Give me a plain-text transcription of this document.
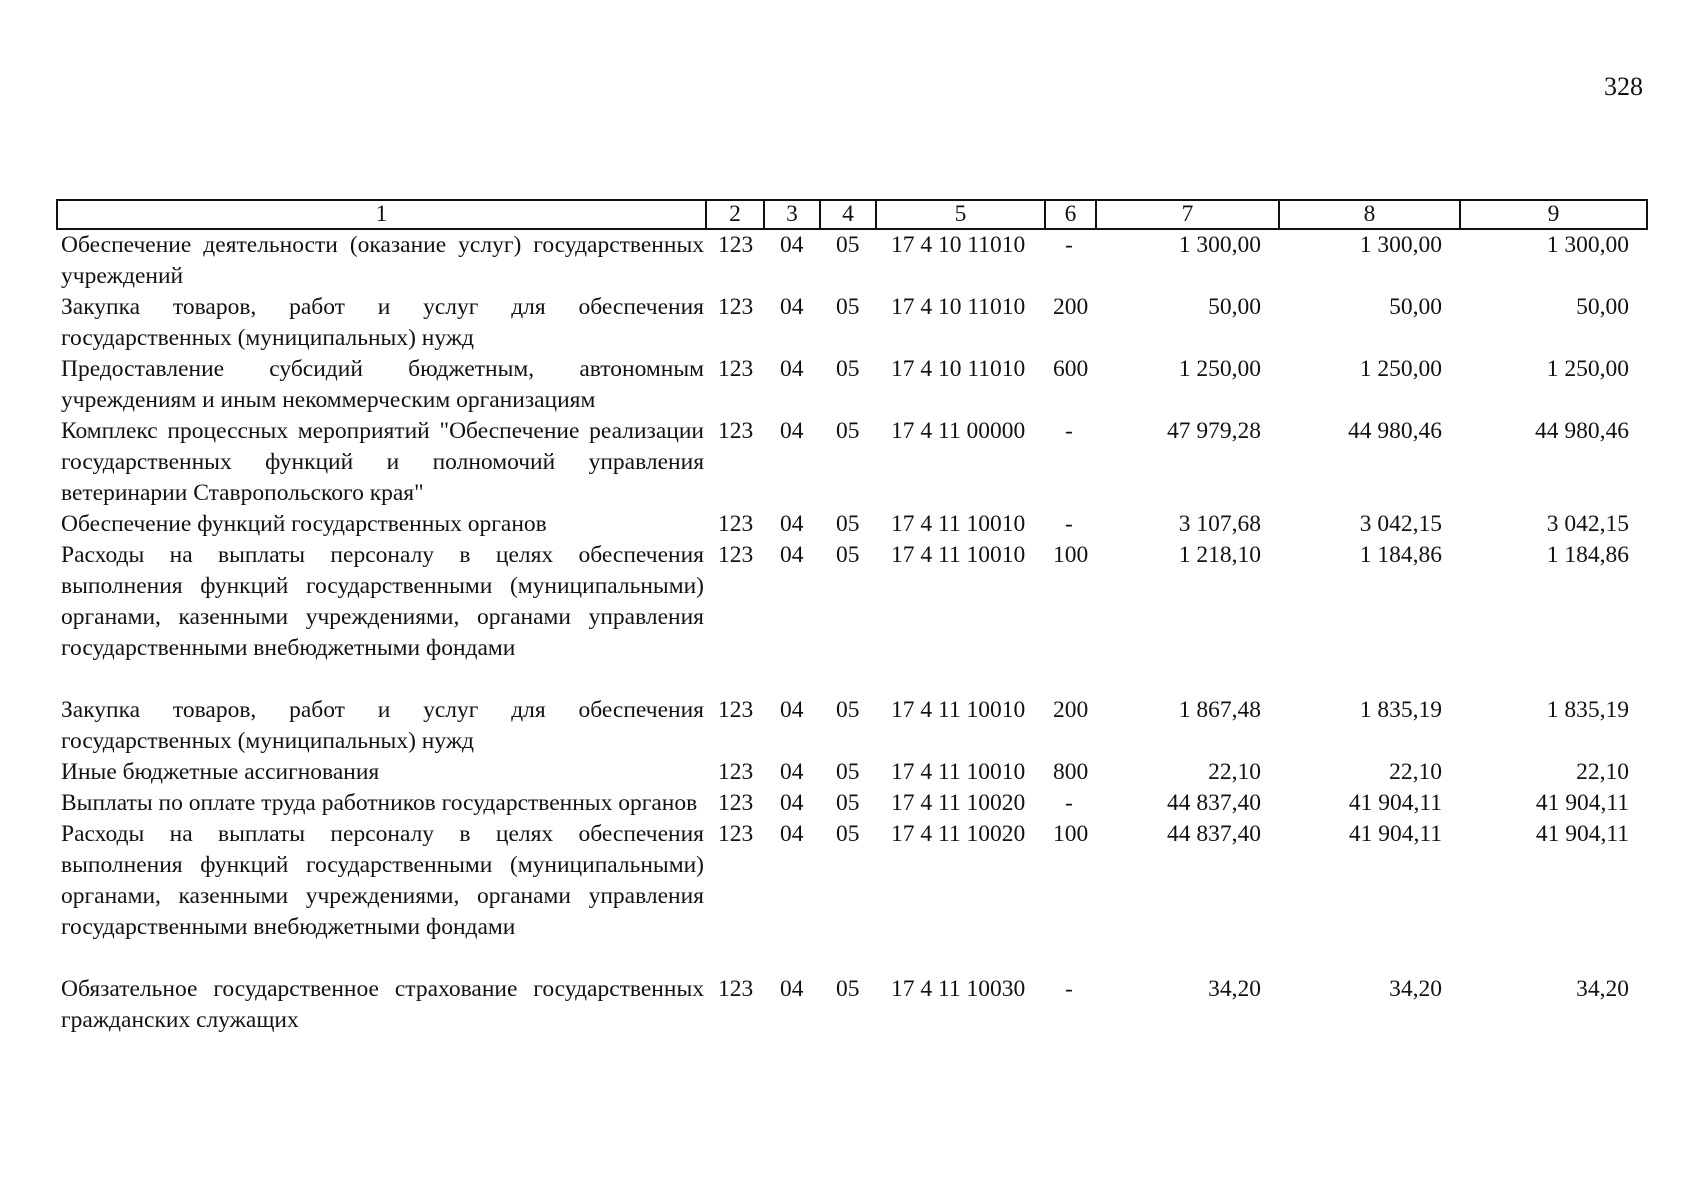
328
1	2	3	4	5	6	7	8	9
Обеспечение деятельности (оказание услуг) государственных учреждений	123	04	05	17 4 10 11010	-	1 300,00	1 300,00	1 300,00
Закупка товаров, работ и услуг для обеспечения государственных (муниципальных) нужд	123	04	05	17 4 10 11010	200	50,00	50,00	50,00
Предоставление субсидий бюджетным, автономным учреждениям и иным некоммерческим организациям	123	04	05	17 4 10 11010	600	1 250,00	1 250,00	1 250,00
Комплекс процессных мероприятий "Обеспечение реализации государственных функций и полномочий управления ветеринарии Ставропольского края"	123	04	05	17 4 11 00000	-	47 979,28	44 980,46	44 980,46
Обеспечение функций государственных органов	123	04	05	17 4 11 10010	-	3 107,68	3 042,15	3 042,15
Расходы на выплаты персоналу в целях обеспечения выполнения функций государственными (муниципальными) органами, казенными учреждениями, органами управления государственными внебюджетными фондами	123	04	05	17 4 11 10010	100	1 218,10	1 184,86	1 184,86
Закупка товаров, работ и услуг для обеспечения государственных (муниципальных) нужд	123	04	05	17 4 11 10010	200	1 867,48	1 835,19	1 835,19
Иные бюджетные ассигнования	123	04	05	17 4 11 10010	800	22,10	22,10	22,10
Выплаты по оплате труда работников государственных органов	123	04	05	17 4 11 10020	-	44 837,40	41 904,11	41 904,11
Расходы на выплаты персоналу в целях обеспечения выполнения функций государственными (муниципальными) органами, казенными учреждениями, органами управления государственными внебюджетными фондами	123	04	05	17 4 11 10020	100	44 837,40	41 904,11	41 904,11
Обязательное государственное страхование государственных гражданских служащих	123	04	05	17 4 11 10030	-	34,20	34,20	34,20
